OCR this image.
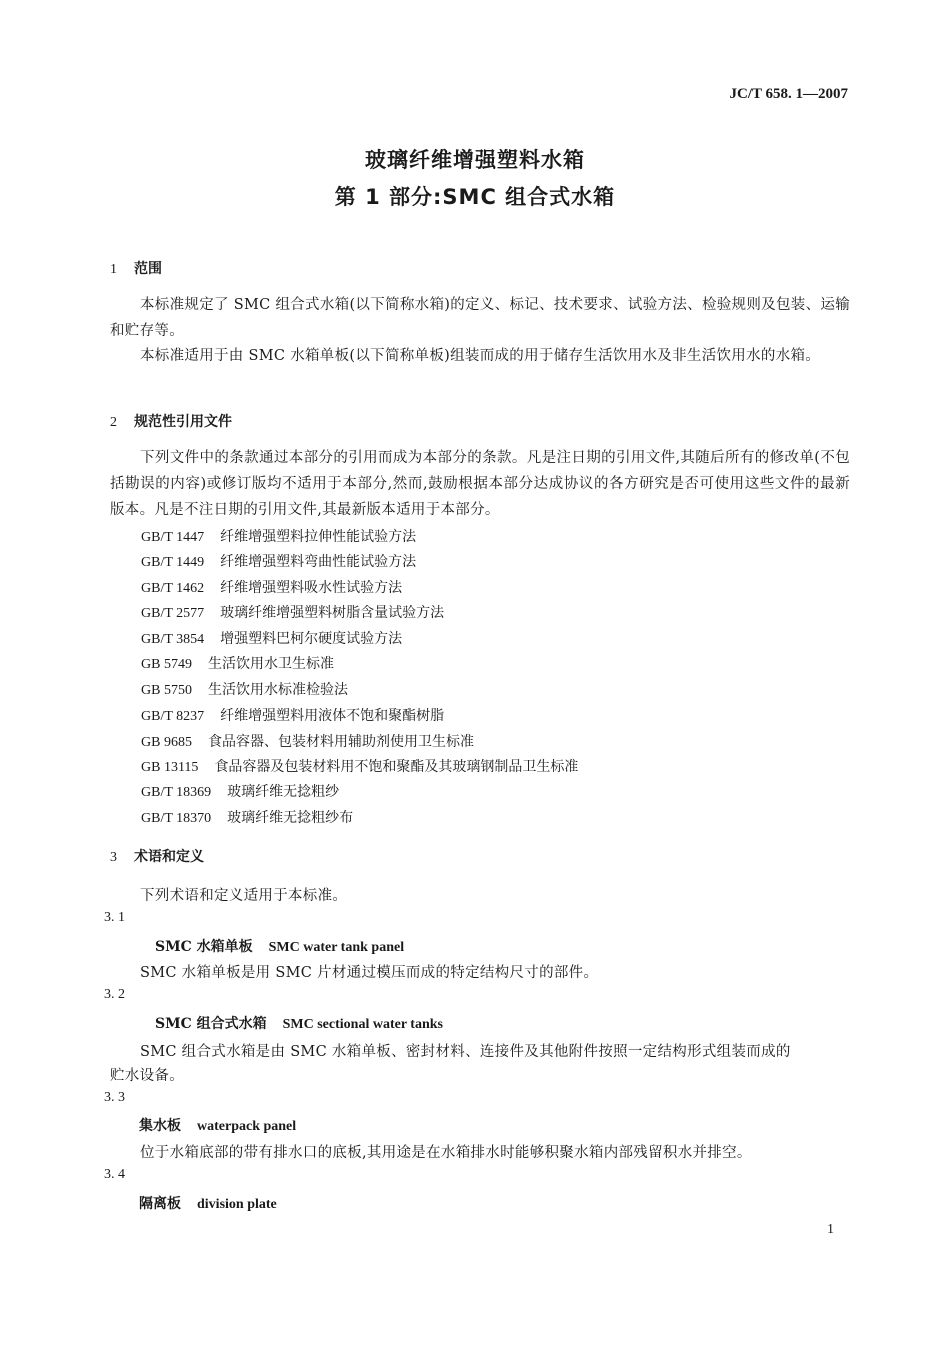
JC/T 658. 1—2007
玻璃纤维增强塑料水箱
第 1 部分:SMC 组合式水箱
1 范围
本标准规定了 SMC 组合式水箱(以下简称水箱)的定义、标记、技术要求、试验方法、检验规则及包装、运输和贮存等。
本标准适用于由 SMC 水箱单板(以下简称单板)组装而成的用于储存生活饮用水及非生活饮用水的水箱。
2 规范性引用文件
下列文件中的条款通过本部分的引用而成为本部分的条款。凡是注日期的引用文件,其随后所有的修改单(不包括勘误的内容)或修订版均不适用于本部分,然而,鼓励根据本部分达成协议的各方研究是否可使用这些文件的最新版本。凡是不注日期的引用文件,其最新版本适用于本部分。
GB/T 1447 纤维增强塑料拉伸性能试验方法
GB/T 1449 纤维增强塑料弯曲性能试验方法
GB/T 1462 纤维增强塑料吸水性试验方法
GB/T 2577 玻璃纤维增强塑料树脂含量试验方法
GB/T 3854 增强塑料巴柯尔硬度试验方法
GB 5749 生活饮用水卫生标准
GB 5750 生活饮用水标准检验法
GB/T 8237 纤维增强塑料用液体不饱和聚酯树脂
GB 9685 食品容器、包装材料用辅助剂使用卫生标准
GB 13115 食品容器及包装材料用不饱和聚酯及其玻璃钢制品卫生标准
GB/T 18369 玻璃纤维无捻粗纱
GB/T 18370 玻璃纤维无捻粗纱布
3 术语和定义
下列术语和定义适用于本标准。
3. 1
SMC 水箱单板 SMC water tank panel
SMC 水箱单板是用 SMC 片材通过模压而成的特定结构尺寸的部件。
3. 2
SMC 组合式水箱 SMC sectional water tanks
SMC 组合式水箱是由 SMC 水箱单板、密封材料、连接件及其他附件按照一定结构形式组装而成的
贮水设备。
3. 3
集水板 waterpack panel
位于水箱底部的带有排水口的底板,其用途是在水箱排水时能够积聚水箱内部残留积水并排空。
3. 4
隔离板 division plate
1
